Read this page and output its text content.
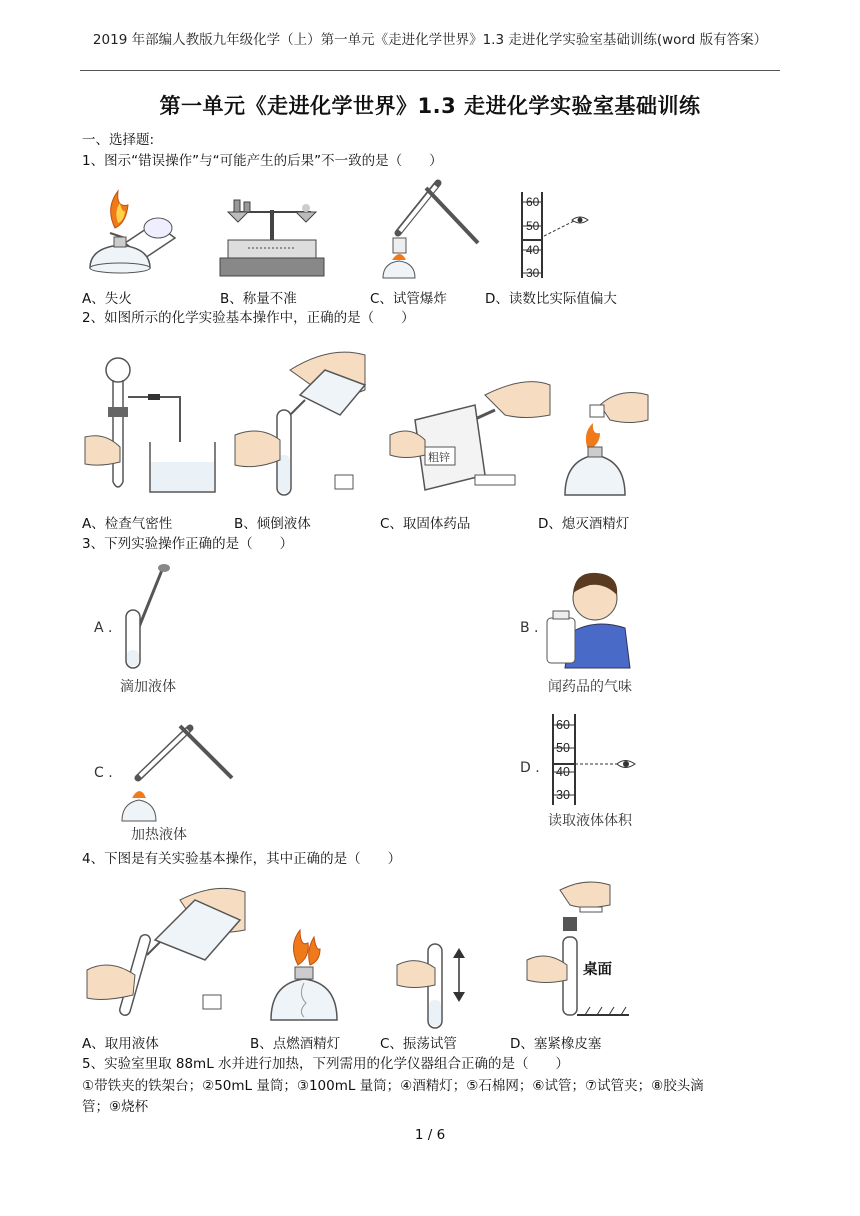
2019 年部编人教版九年级化学（上）第一单元《走进化学世界》1.3 走进化学实验室基础训练(word 版有答案）
第一单元《走进化学世界》1.3 走进化学实验室基础训练
一、选择题:
1、图示“错误操作”与“可能产生的后果”不一致的是（　　）
60
50
40
30
A、失火	B、称量不准	C、试管爆炸	D、读数比实际值偏大
2、如图所示的化学实验基本操作中，正确的是（　　）
粗锌
A、检查气密性	B、倾倒液体	C、取固体药品	D、熄灭酒精灯
3、下列实验操作正确的是（　　）
A .
滴加液体
B .
闻药品的气味
C .
加热液体
D .
60
50
40
30
读取液体体积
4、下图是有关实验基本操作，其中正确的是（　　）
桌面
A、取用液体	B、点燃酒精灯	C、振荡试管	D、塞紧橡皮塞
5、实验室里取 88mL 水并进行加热，下列需用的化学仪器组合正确的是（　　）
①带铁夹的铁架台；②50mL 量筒；③100mL 量筒；④酒精灯；⑤石棉网；⑥试管；⑦试管夹；⑧胶头滴
管；⑨烧杯
1 / 6
